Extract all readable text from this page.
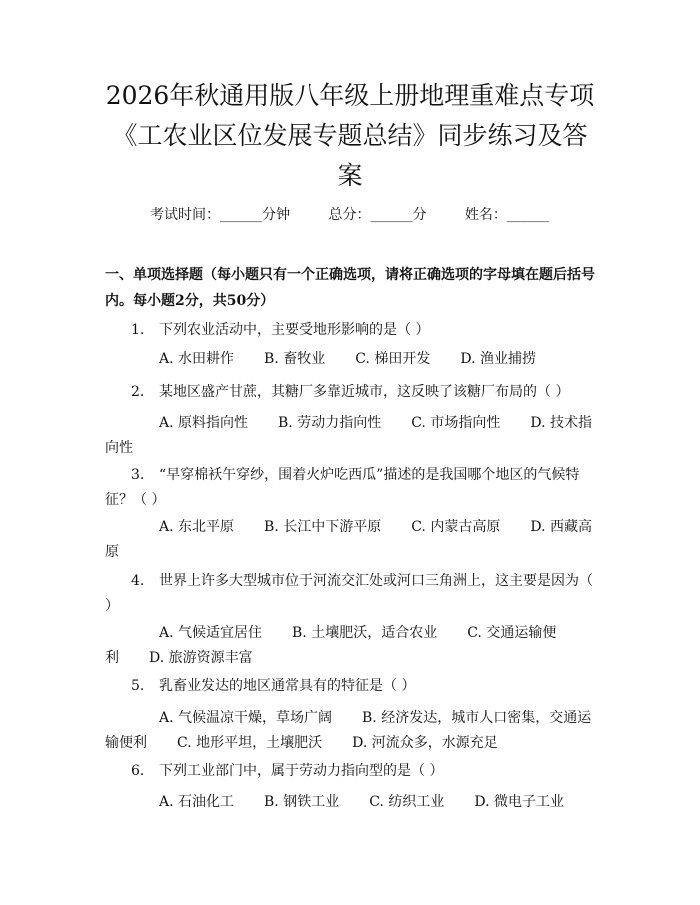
2026年秋通用版八年级上册地理重难点专项
《工农业区位发展专题总结》同步练习及答
案
考试时间：______分钟	总分：______分	姓名：______
一、单项选择题（每小题只有一个正确选项，请将正确选项的字母填在题后括号内。每小题2分，共50分）

1. 下列农业活动中，主要受地形影响的是（ ）

A. 水田耕作 B. 畜牧业 C. 梯田开发 D. 渔业捕捞

2. 某地区盛产甘蔗，其糖厂多靠近城市，这反映了该糖厂布局的（ ）

A. 原料指向性 B. 劳动力指向性 C. 市场指向性 D. 技术指向性

3. “早穿棉袄午穿纱，围着火炉吃西瓜”描述的是我国哪个地区的气候特征？（ ）

A. 东北平原 B. 长江中下游平原 C. 内蒙古高原 D. 西藏高原

4. 世界上许多大型城市位于河流交汇处或河口三角洲上，这主要是因为（ ）

A. 气候适宜居住 B. 土壤肥沃，适合农业 C. 交通运输便利 D. 旅游资源丰富

5. 乳畜业发达的地区通常具有的特征是（ ）

A. 气候温凉干燥，草场广阔 B. 经济发达，城市人口密集，交通运输便利 C. 地形平坦，土壤肥沃 D. 河流众多，水源充足

6. 下列工业部门中，属于劳动力指向型的是（ ）

A. 石油化工 B. 钢铁工业 C. 纺织工业 D. 微电子工业
